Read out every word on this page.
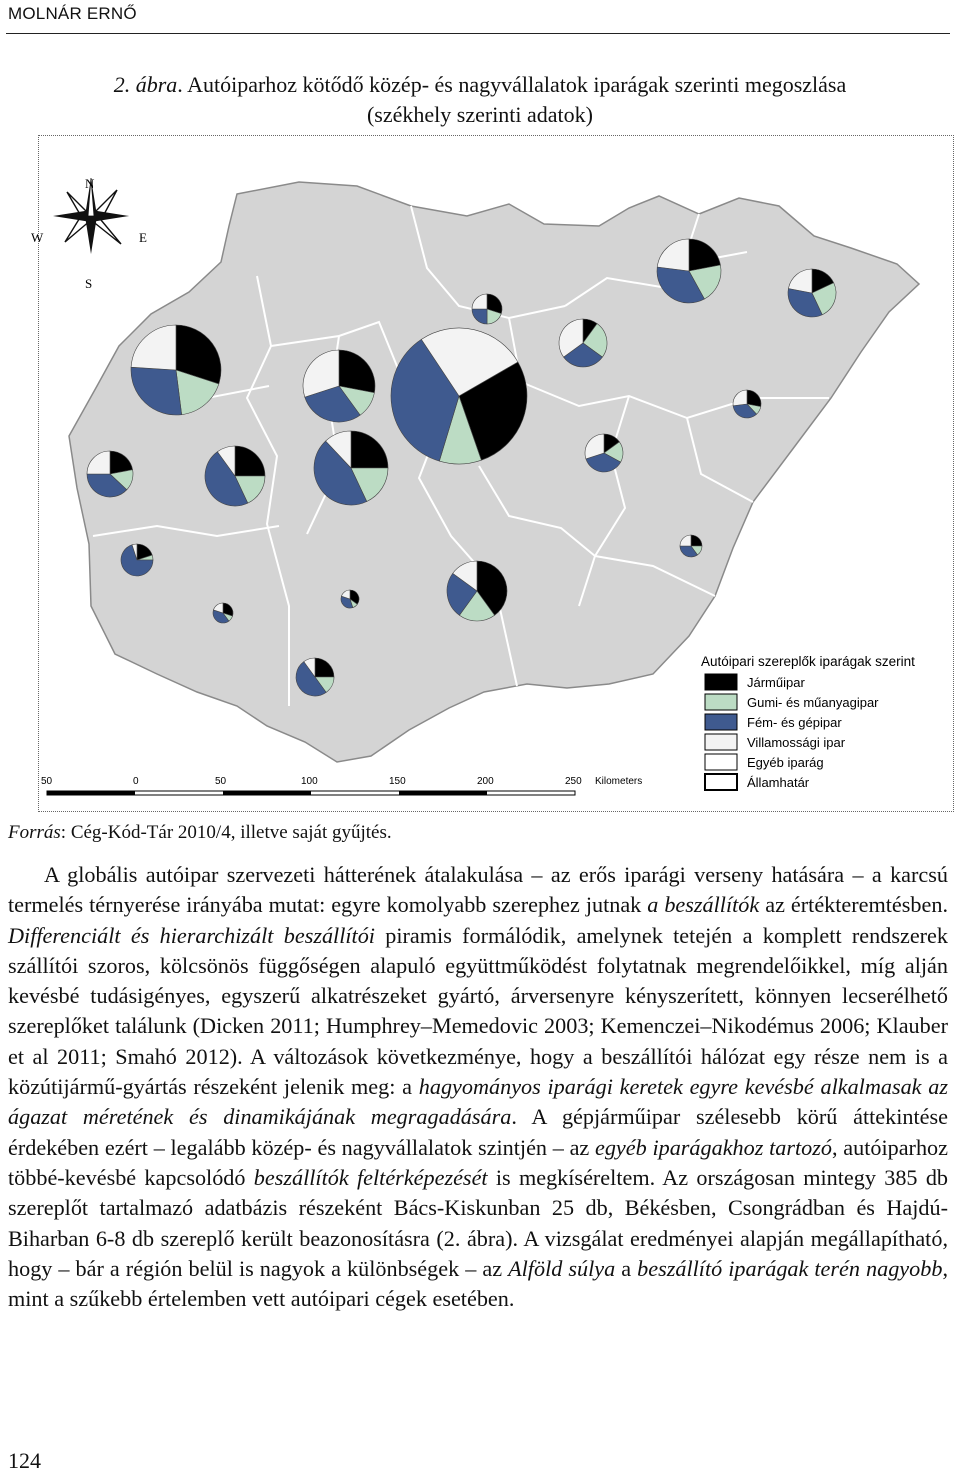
MOLNÁR ERNŐ
2. ábra. Autóiparhoz kötődő közép- és nagyvállalatok iparágak szerinti megoszlása
(székhely szerinti adatok)
N
W	E
S
50	0	50	100	150	200	250 Kilometers
Autóipari szereplők iparágak szerint
Járműipar
Gumi- és műanyagipar
Fém- és gépipar
Villamossági ipar
Egyéb iparág
Államhatár
Forrás: Cég-Kód-Tár 2010/4, illetve saját gyűjtés.

A globális autóipar szervezeti hátterének átalakulása – az erős iparági verseny hatására – a karcsú termelés térnyerése irányába mutat: egyre komolyabb szerephez jutnak a beszállítók az értékteremtésben. Differenciált és hierarchizált beszállítói piramis formálódik, amelynek tetején a komplett rendszerek szállítói szoros, kölcsönös függőségen alapuló együttműködést folytatnak megrendelőikkel, míg alján kevésbé tudásigényes, egyszerű alkatrészeket gyártó, árversenyre kényszerített, könnyen lecserélhető szereplőket találunk (Dicken 2011; Humphrey–Memedovic 2003; Kemenczei–Nikodémus 2006; Klauber et al 2011; Smahó 2012). A változások következménye, hogy a beszállítói hálózat egy része nem is a közútijármű-gyártás részeként jelenik meg: a hagyományos iparági keretek egyre kevésbé alkalmasak az ágazat méretének és dinamikájának megragadására. A gépjárműipar szélesebb körű áttekintése érdekében ezért – legalább közép- és nagyvállalatok szintjén – az egyéb iparágakhoz tartozó, autóiparhoz többé-kevésbé kapcsolódó beszállítók feltérképezését is megkíséreltem. Az országosan mintegy 385 db szereplőt tartalmazó adatbázis részeként Bács-Kiskunban 25 db, Békésben, Csongrádban és Hajdú-Biharban 6-8 db szereplő került beazonosításra (2. ábra). A vizsgálat eredményei alapján megállapítható, hogy – bár a régión belül is nagyok a különbségek – az Alföld súlya a beszállító iparágak terén nagyobb, mint a szűkebb értelemben vett autóipari cégek esetében.

124
